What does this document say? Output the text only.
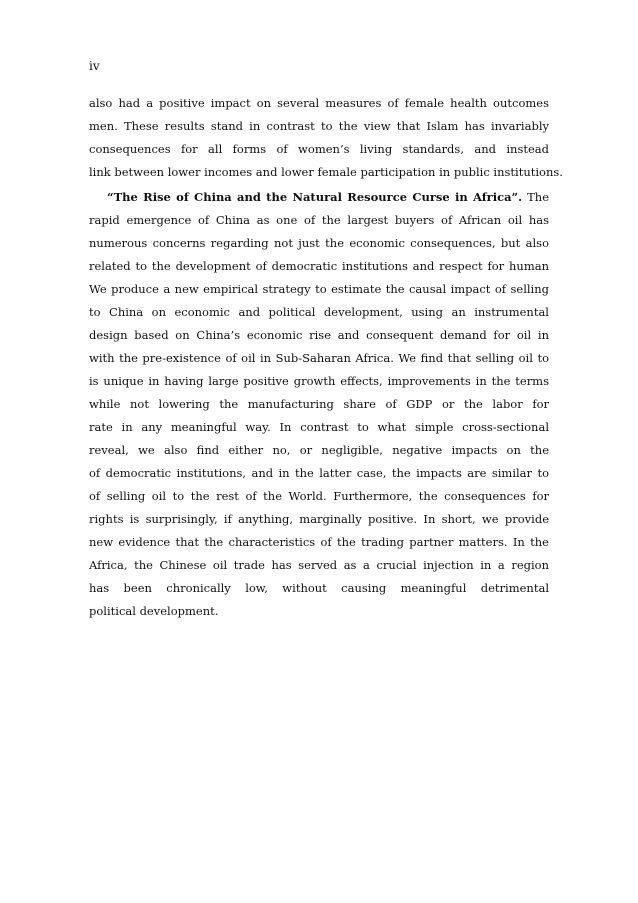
iv
also had a positive impact on several measures of female health outcomes
men. These results stand in contrast to the view that Islam has invariably
consequences for all forms of women’s living standards, and instead
link between lower incomes and lower female participation in public institutions.
“The Rise of China and the Natural Resource Curse in Africa”. The
rapid emergence of China as one of the largest buyers of African oil has
numerous concerns regarding not just the economic consequences, but also
related to the development of democratic institutions and respect for human
We produce a new empirical strategy to estimate the causal impact of selling
to China on economic and political development, using an instrumental
design based on China’s economic rise and consequent demand for oil in
with the pre-existence of oil in Sub-Saharan Africa. We find that selling oil to
is unique in having large positive growth effects, improvements in the terms
while not lowering the manufacturing share of GDP or the labor for
rate in any meaningful way. In contrast to what simple cross-sectional
reveal, we also find either no, or negligible, negative impacts on the
of democratic institutions, and in the latter case, the impacts are similar to
of selling oil to the rest of the World. Furthermore, the consequences for
rights is surprisingly, if anything, marginally positive. In short, we provide
new evidence that the characteristics of the trading partner matters. In the
Africa, the Chinese oil trade has served as a crucial injection in a region
has been chronically low, without causing meaningful detrimental
political development.
